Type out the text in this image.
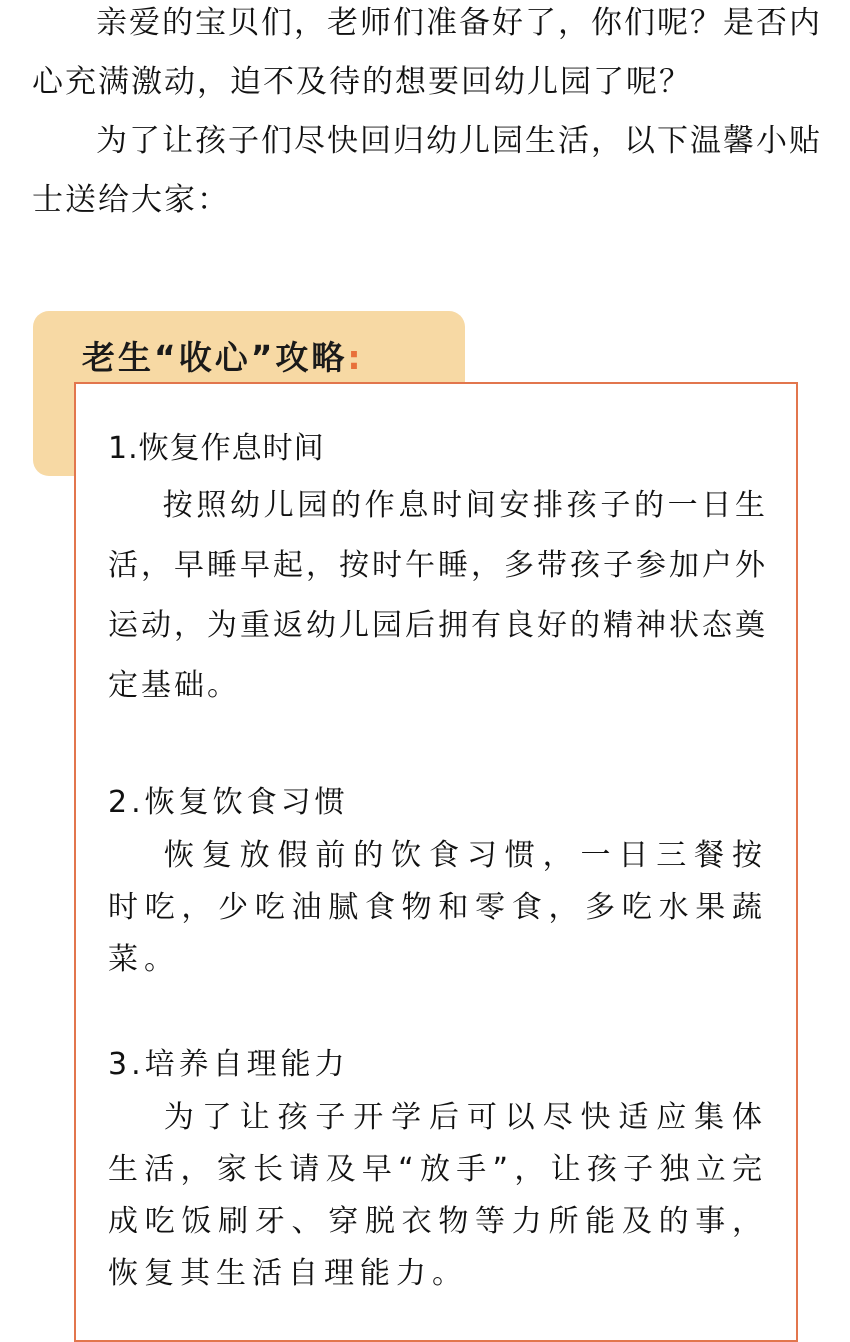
亲爱的宝贝们，老师们准备好了，你们呢？是否内心充满激动，迫不及待的想要回幼儿园了呢？

为了让孩子们尽快回归幼儿园生活，以下温馨小贴士送给大家：

老生“收心”攻略:
1.恢复作息时间

按照幼儿园的作息时间安排孩子的一日生活，早睡早起，按时午睡，多带孩子参加户外运动，为重返幼儿园后拥有良好的精神状态奠定基础。

2.恢复饮食习惯

恢复放假前的饮食习惯，一日三餐按时吃，少吃油腻食物和零食，多吃水果蔬菜。

3.培养自理能力

为了让孩子开学后可以尽快适应集体生活，家长请及早“放手”，让孩子独立完成吃饭刷牙、穿脱衣物等力所能及的事，恢复其生活自理能力。
